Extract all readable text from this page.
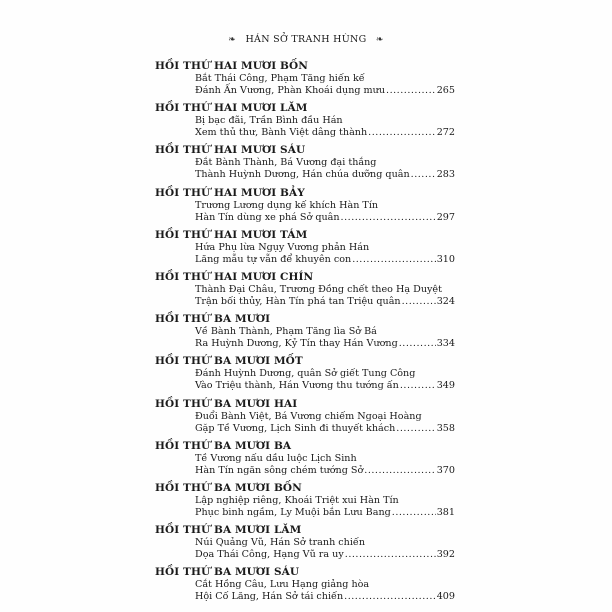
❧ HÁN SỞ TRANH HÙNG ❧
HỒI THỨ HAI MƯƠI BỐN
Bắt Thái Công, Phạm Tăng hiến kế
Đánh Ấn Vương, Phàn Khoái dụng mưu .....	265
HỒI THỨ HAI MƯƠI LĂM
Bị bạc đãi, Trần Bình đầu Hán
Xem thủ thư, Bành Việt dâng thành .....	272
HỒI THỨ HAI MƯƠI SÁU
Đắt Bành Thành, Bá Vương đại thắng
Thành Huỳnh Dương, Hán chúa dưỡng quân .....	283
HỒI THỨ HAI MƯƠI BẢY
Trương Lương dụng kế khích Hàn Tín
Hàn Tín dùng xe phá Sở quân .....	297
HỒI THỨ HAI MƯƠI TÁM
Hứa Phụ lừa Ngụy Vương phản Hán
Lăng mẫu tự vẫn để khuyên con .....	310
HỒI THỨ HAI MƯƠI CHÍN
Thành Đại Châu, Trương Đồng chết theo Hạ Duyệt
Trận bối thủy, Hàn Tín phá tan Triệu quân .....	324
HỒI THỨ BA MƯƠI
Về Bành Thành, Phạm Tăng lìa Sở Bá
Ra Huỳnh Dương, Kỷ Tín thay Hán Vương .....	334
HỒI THỨ BA MƯƠI MỐT
Đánh Huỳnh Dương, quân Sở giết Tung Công
Vào Triệu thành, Hán Vương thu tướng ấn .....	349
HỒI THỨ BA MƯƠI HAI
Đuổi Bành Việt, Bá Vương chiếm Ngoại Hoàng
Gặp Tề Vương, Lịch Sinh đi thuyết khách .....	358
HỒI THỨ BA MƯƠI BA
Tề Vương nấu dầu luộc Lịch Sinh
Hàn Tín ngăn sông chém tướng Sở .....	370
HỒI THỨ BA MƯƠI BỐN
Lập nghiệp riêng, Khoái Triệt xui Hàn Tín
Phục binh ngầm, Ly Muội bắn Lưu Bang .....	381
HỒI THỨ BA MƯƠI LĂM
Núi Quảng Vũ, Hán Sở tranh chiến
Dọa Thái Công, Hạng Vũ ra uy .....	392
HỒI THỨ BA MƯƠI SÁU
Cắt Hồng Câu, Lưu Hạng giảng hòa
Hội Cố Lăng, Hán Sở tái chiến .....	409
